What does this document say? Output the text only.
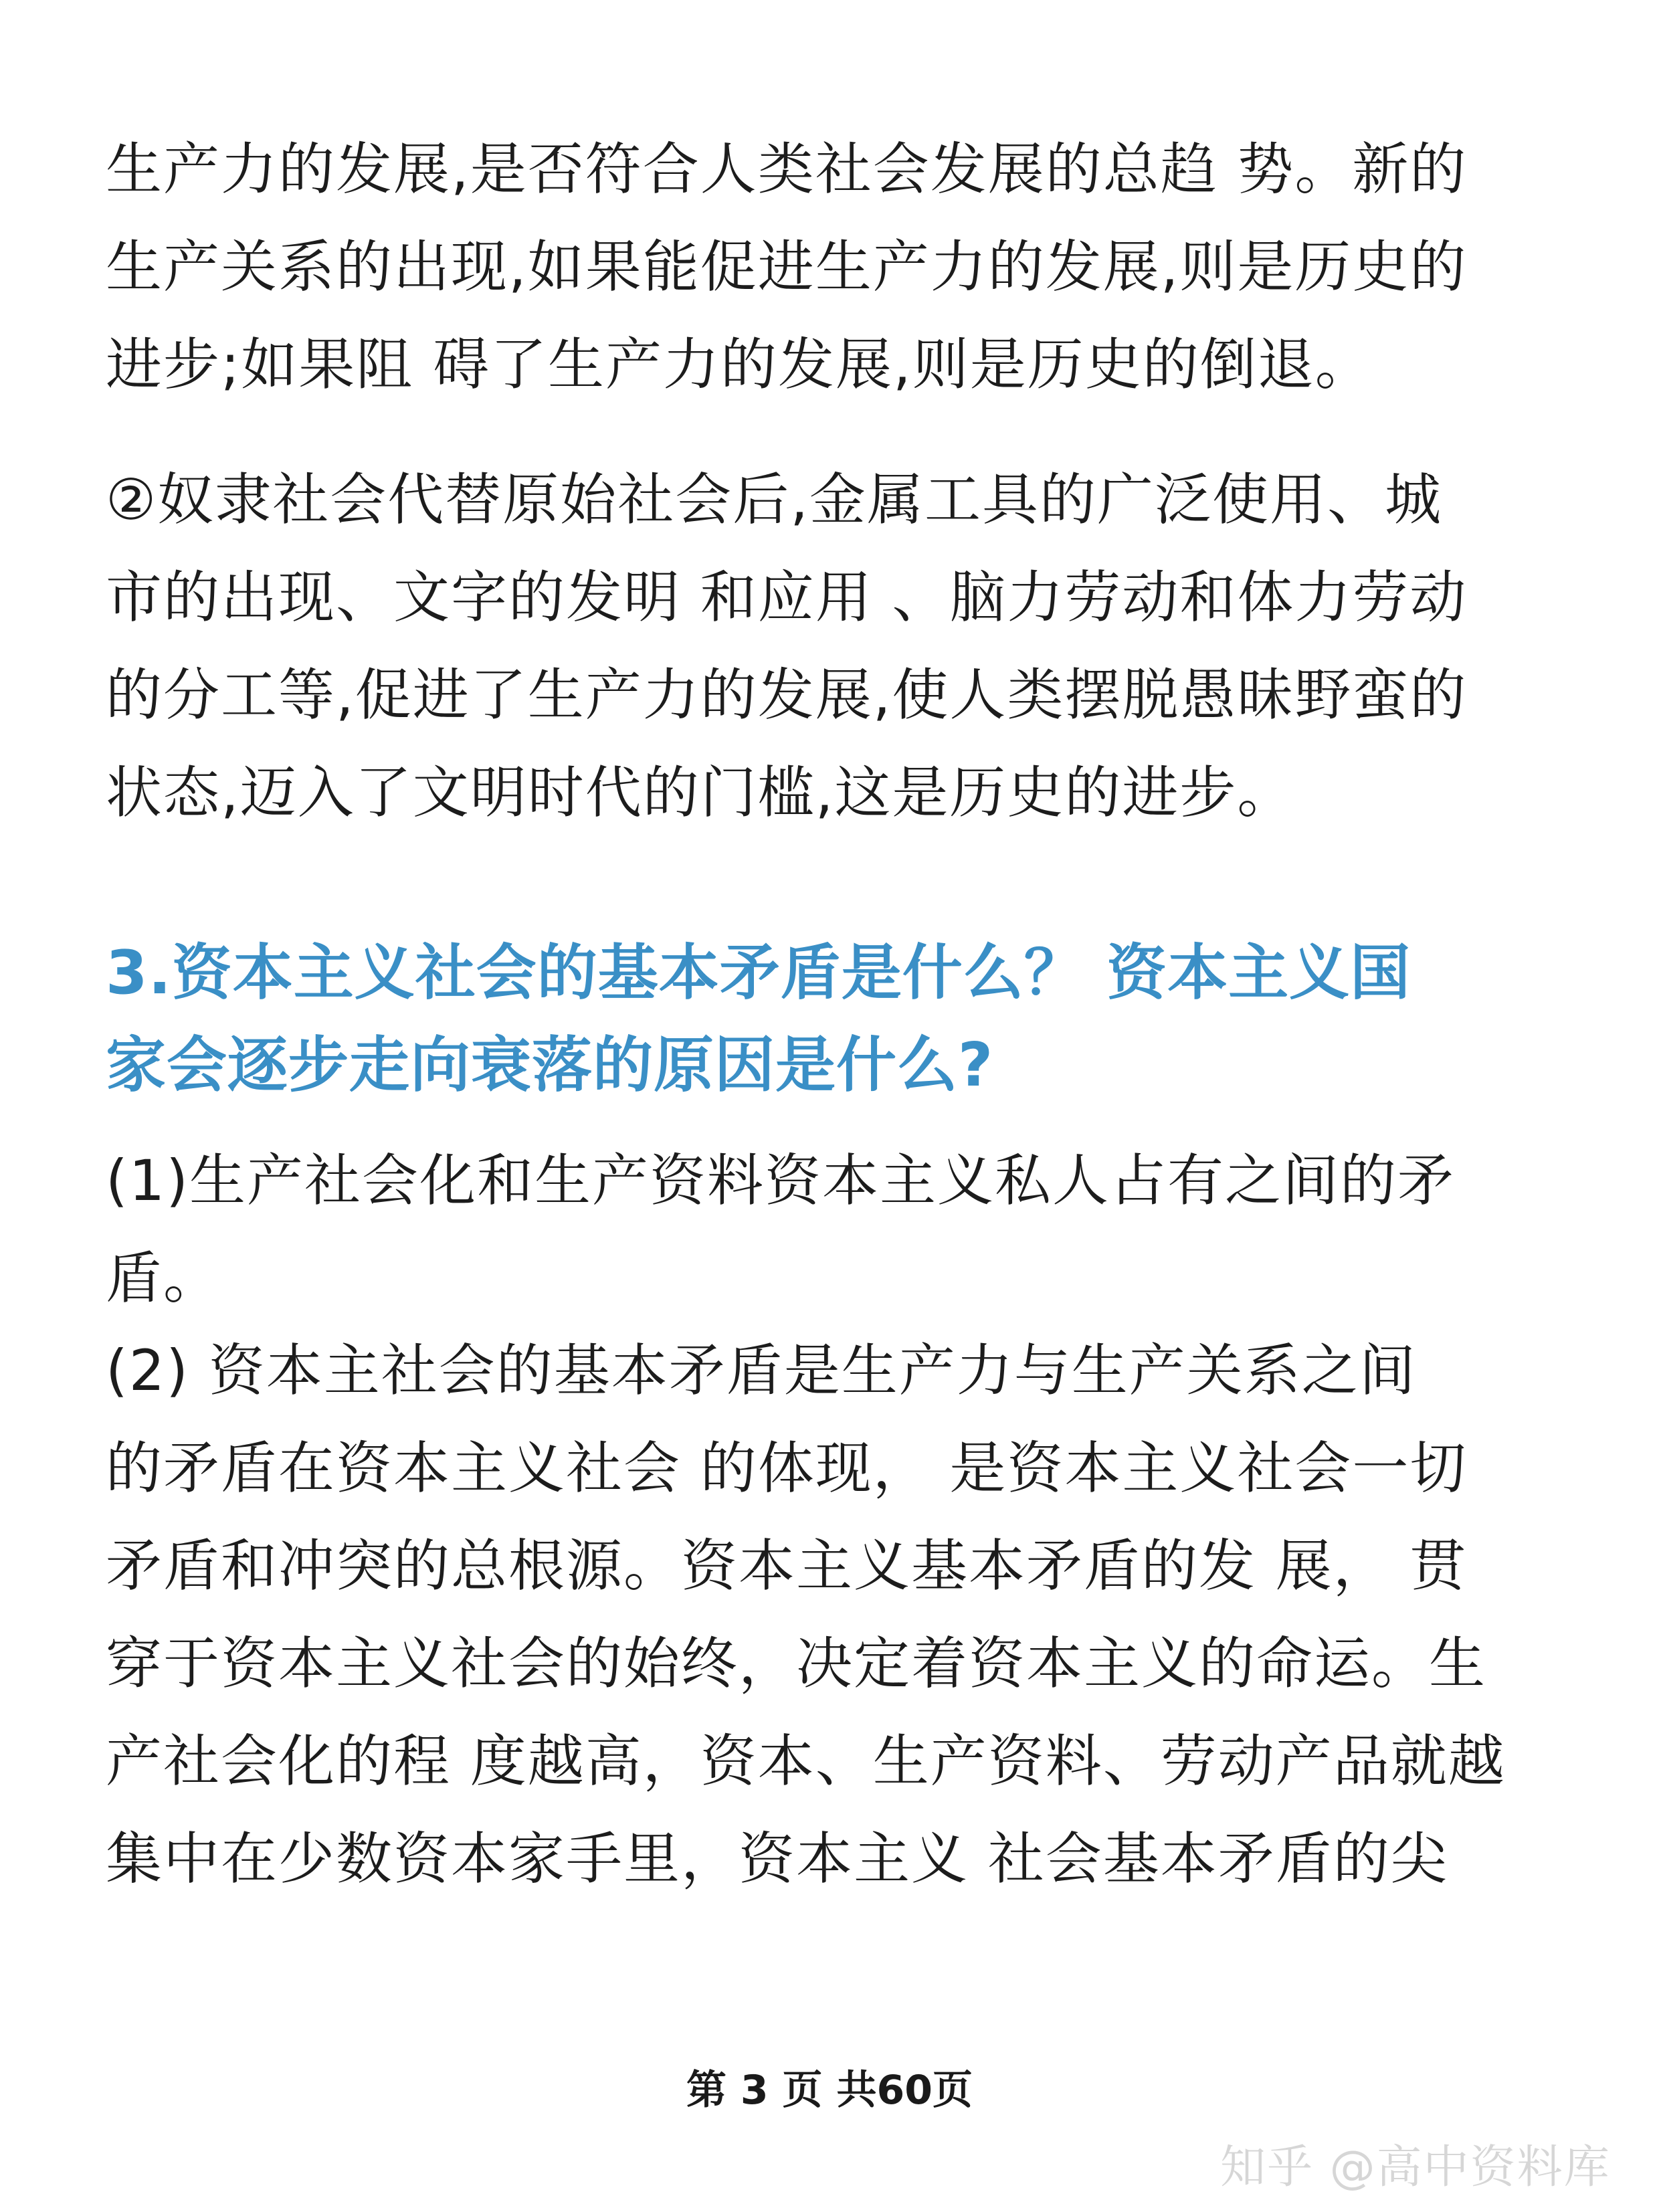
生产力的发展,是否符合人类社会发展的总趋 势。新的
生产关系的出现,如果能促进生产力的发展,则是历史的
进步;如果阻 碍了生产力的发展,则是历史的倒退。

②奴隶社会代替原始社会后,金属工具的广泛使用、城
市的出现、文字的发明 和应用 、脑力劳动和体力劳动
的分工等,促进了生产力的发展,使人类摆脱愚昧野蛮的
状态,迈入了文明时代的门槛,这是历史的进步。

3.资本主义社会的基本矛盾是什么？ 资本主义国
家会逐步走向衰落的原因是什么?

(1)生产社会化和生产资料资本主义私人占有之间的矛
盾。

(2) 资本主社会的基本矛盾是生产力与生产关系之间
的矛盾在资本主义社会 的体现， 是资本主义社会一切
矛盾和冲突的总根源。资本主义基本矛盾的发 展， 贯
穿于资本主义社会的始终，决定着资本主义的命运。生
产社会化的程 度越高，资本、生产资料、劳动产品就越
集中在少数资本家手里，资本主义 社会基本矛盾的尖

第 3 页 共60页
知乎 @高中资料库
